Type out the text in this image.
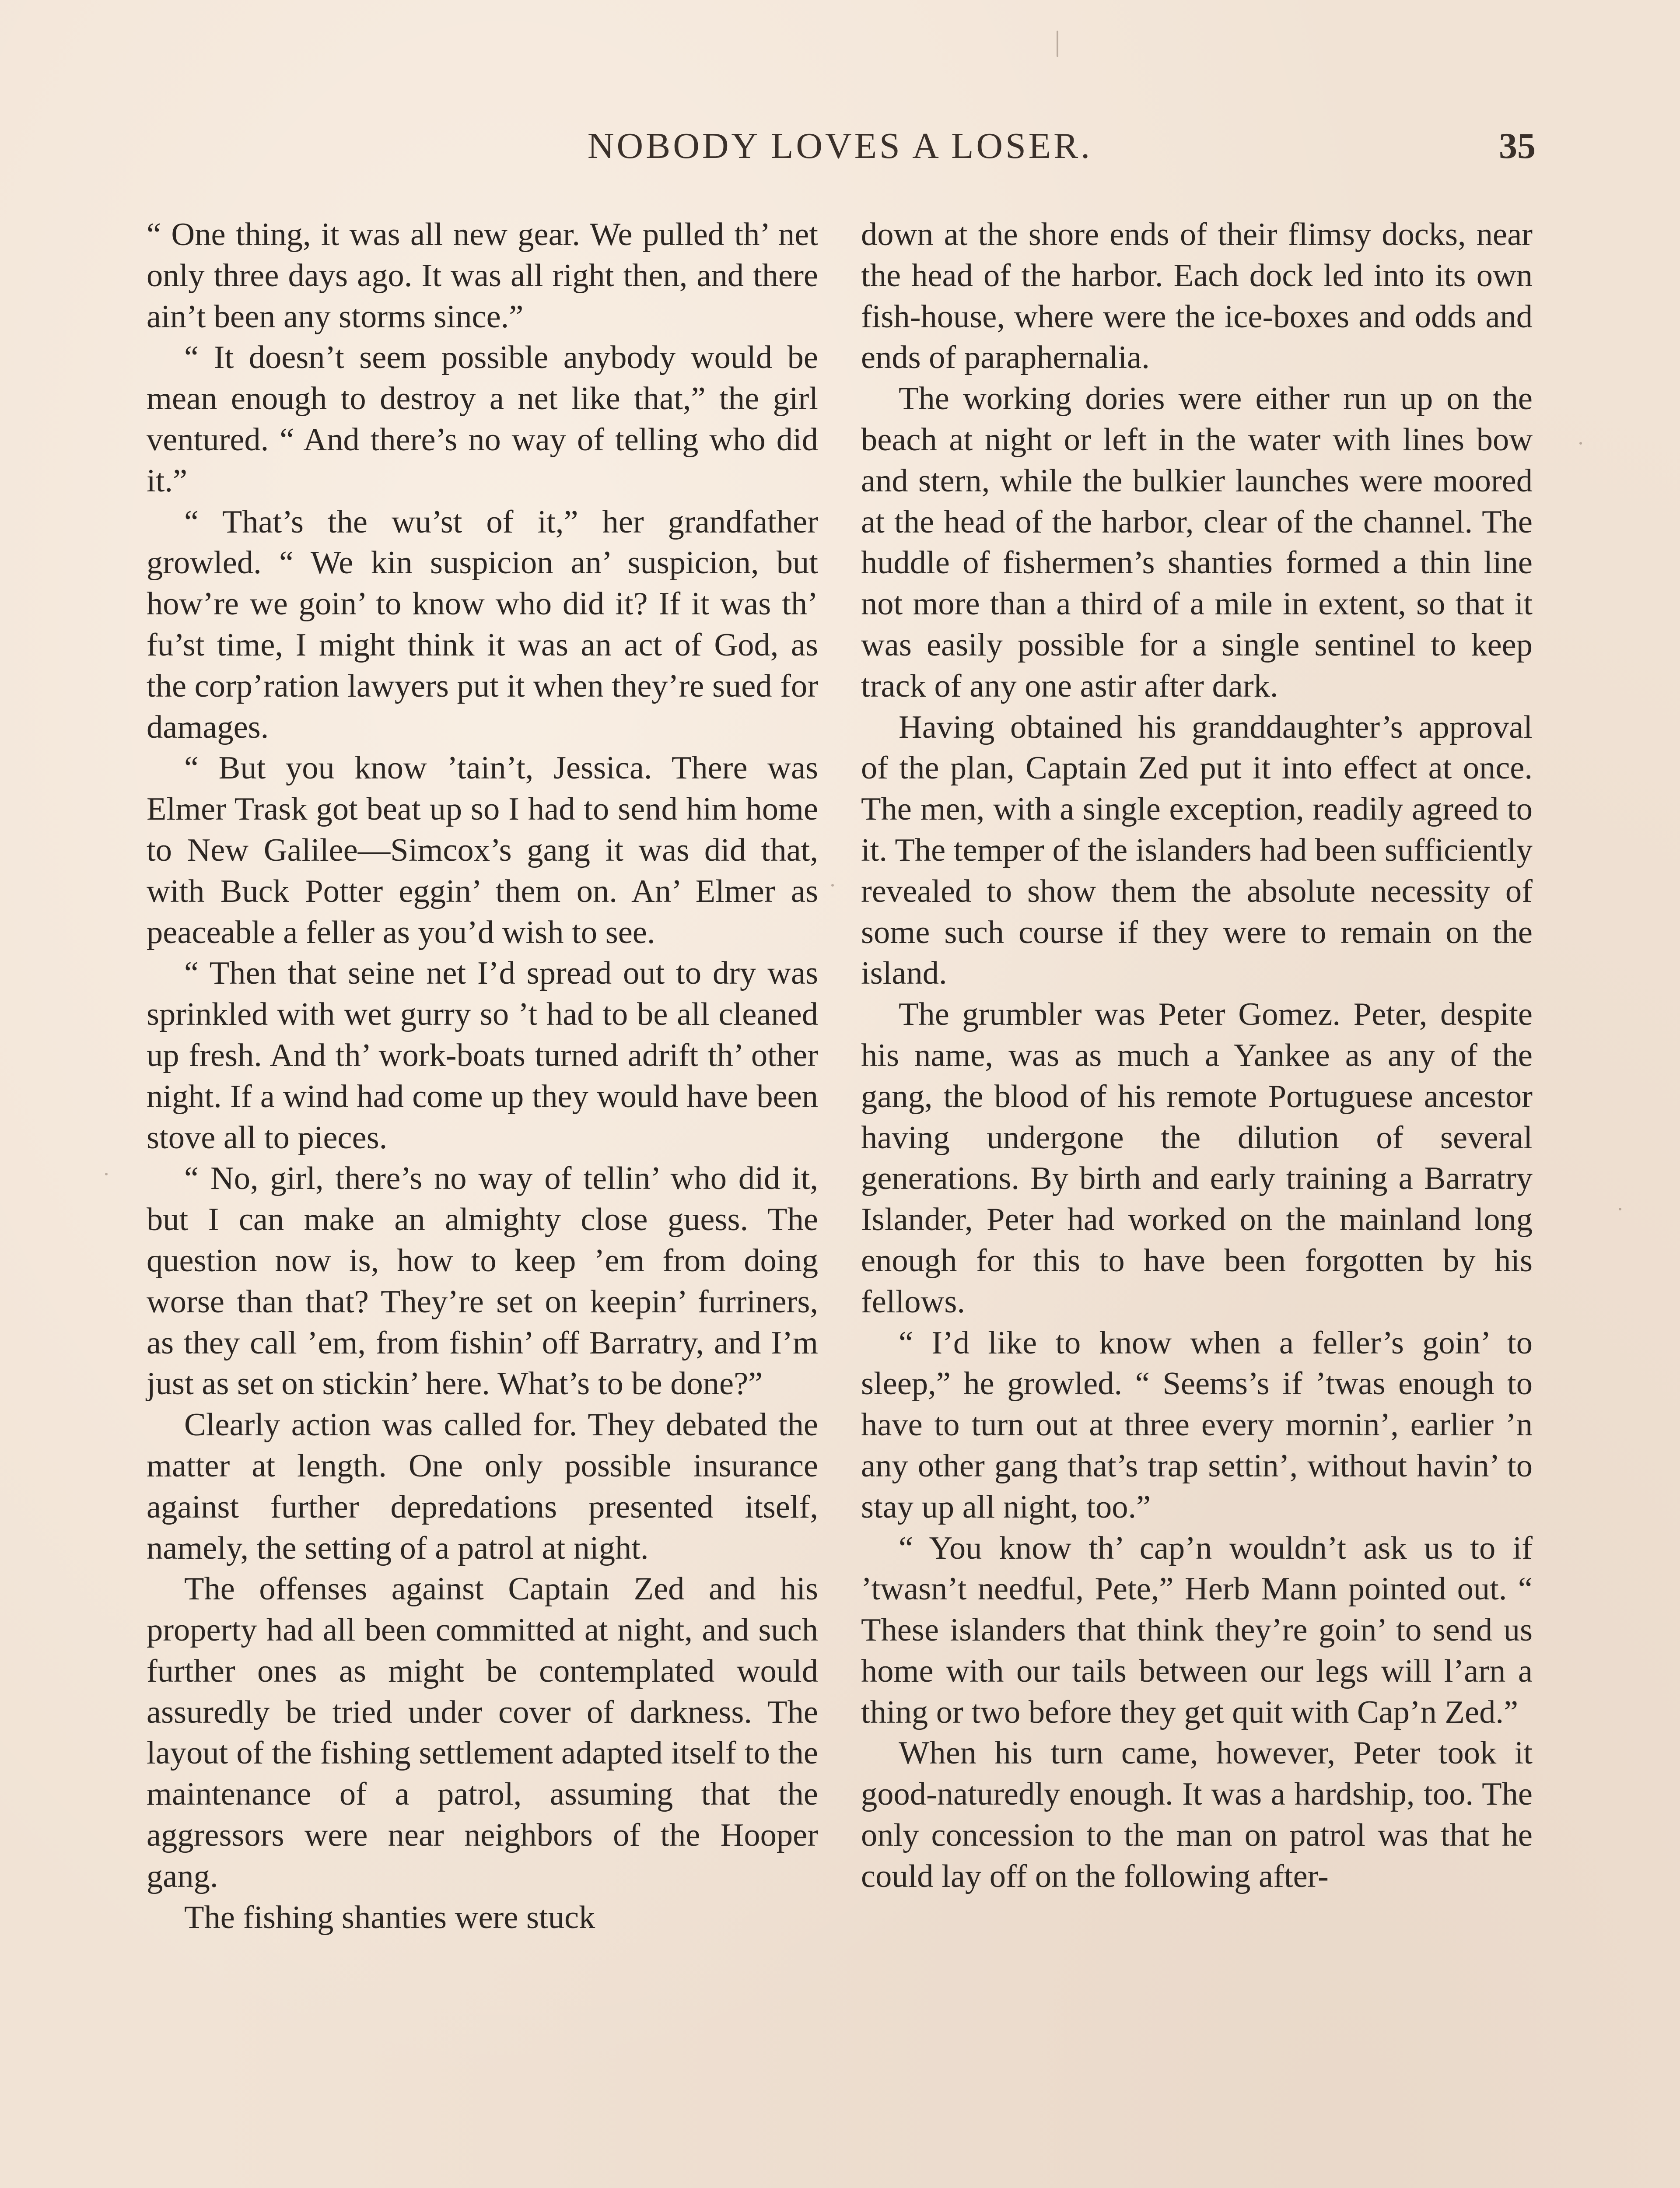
NOBODY LOVES A LOSER.	35

“ One thing, it was all new gear. We pulled th’ net only three days ago. It was all right then, and there ain’t been any storms since.”

“ It doesn’t seem possible anybody would be mean enough to destroy a net like that,” the girl ventured. “ And there’s no way of telling who did it.”

“ That’s the wu’st of it,” her grandfather growled. “ We kin suspicion an’ suspicion, but how’re we goin’ to know who did it? If it was th’ fu’st time, I might think it was an act of God, as the corp’ration lawyers put it when they’re sued for damages.

“ But you know ’tain’t, Jessica. There was Elmer Trask got beat up so I had to send him home to New Galilee—Simcox’s gang it was did that, with Buck Potter eggin’ them on. An’ Elmer as peaceable a feller as you’d wish to see.

“ Then that seine net I’d spread out to dry was sprinkled with wet gurry so ’t had to be all cleaned up fresh. And th’ work-boats turned adrift th’ other night. If a wind had come up they would have been stove all to pieces.

“ No, girl, there’s no way of tellin’ who did it, but I can make an almighty close guess. The question now is, how to keep ’em from doing worse than that? They’re set on keepin’ furriners, as they call ’em, from fishin’ off Barratry, and I’m just as set on stickin’ here. What’s to be done?”

Clearly action was called for. They debated the matter at length. One only possible insurance against further depredations presented itself, namely, the setting of a patrol at night.

The offenses against Captain Zed and his property had all been committed at night, and such further ones as might be contemplated would assuredly be tried under cover of darkness. The layout of the fishing settlement adapted itself to the maintenance of a patrol, assuming that the aggressors were near neighbors of the Hooper gang.

The fishing shanties were stuck

down at the shore ends of their flimsy docks, near the head of the harbor. Each dock led into its own fish-house, where were the ice-boxes and odds and ends of paraphernalia.

The working dories were either run up on the beach at night or left in the water with lines bow and stern, while the bulkier launches were moored at the head of the harbor, clear of the channel. The huddle of fishermen’s shanties formed a thin line not more than a third of a mile in extent, so that it was easily possible for a single sentinel to keep track of any one astir after dark.

Having obtained his granddaughter’s approval of the plan, Captain Zed put it into effect at once. The men, with a single exception, readily agreed to it. The temper of the islanders had been sufficiently revealed to show them the absolute necessity of some such course if they were to remain on the island.

The grumbler was Peter Gomez. Peter, despite his name, was as much a Yankee as any of the gang, the blood of his remote Portuguese ancestor having undergone the dilution of several generations. By birth and early training a Barratry Islander, Peter had worked on the mainland long enough for this to have been forgotten by his fellows.

“ I’d like to know when a feller’s goin’ to sleep,” he growled. “ Seems’s if ’twas enough to have to turn out at three every mornin’, earlier ’n any other gang that’s trap settin’, without havin’ to stay up all night, too.”

“ You know th’ cap’n wouldn’t ask us to if ’twasn’t needful, Pete,” Herb Mann pointed out. “ These islanders that think they’re goin’ to send us home with our tails between our legs will l’arn a thing or two before they get quit with Cap’n Zed.”

When his turn came, however, Peter took it good-naturedly enough. It was a hardship, too. The only concession to the man on patrol was that he could lay off on the following after-
